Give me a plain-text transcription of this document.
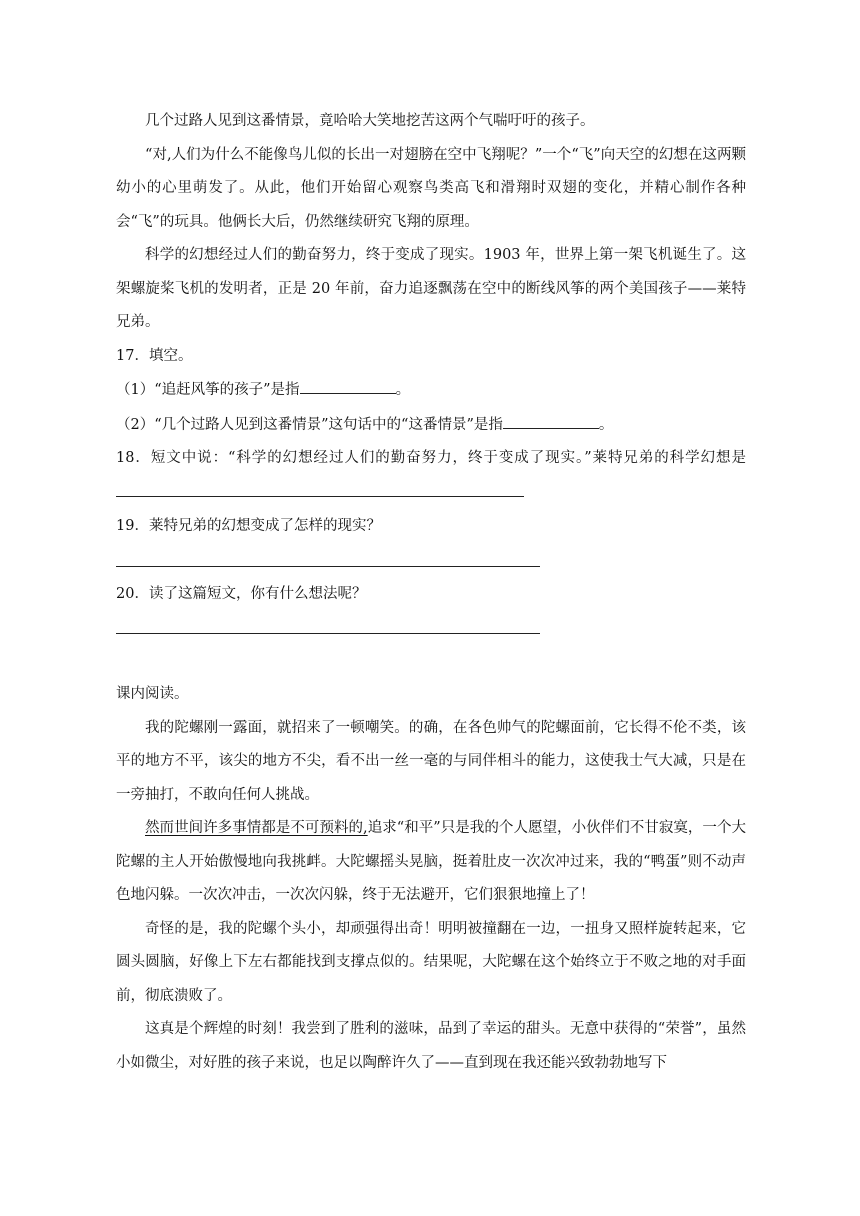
几个过路人见到这番情景，竟哈哈大笑地挖苦这两个气喘吁吁的孩子。

“对,人们为什么不能像鸟儿似的长出一对翅膀在空中飞翔呢？”一个“飞”向天空的幻想在这两颗幼小的心里萌发了。从此，他们开始留心观察鸟类高飞和滑翔时双翅的变化，并精心制作各种会“飞”的玩具。他俩长大后，仍然继续研究飞翔的原理。

科学的幻想经过人们的勤奋努力，终于变成了现实。1903 年，世界上第一架飞机诞生了。这架螺旋桨飞机的发明者，正是 20 年前，奋力追逐飘荡在空中的断线风筝的两个美国孩子——莱特兄弟。

17．填空。

（1）“追赶风筝的孩子”是指	。

（2）“几个过路人见到这番情景”这句话中的“这番情景”是指	。

18．短文中说：“科学的幻想经过人们的勤奋努力，终于变成了现实。”莱特兄弟的科学幻想是

19．莱特兄弟的幻想变成了怎样的现实？

20．读了这篇短文，你有什么想法呢？

课内阅读。

我的陀螺刚一露面，就招来了一顿嘲笑。的确，在各色帅气的陀螺面前，它长得不伦不类，该平的地方不平，该尖的地方不尖，看不出一丝一毫的与同伴相斗的能力，这使我士气大减，只是在一旁抽打，不敢向任何人挑战。

然而世间许多事情都是不可预料的,追求“和平”只是我的个人愿望，小伙伴们不甘寂寞，一个大陀螺的主人开始傲慢地向我挑衅。大陀螺摇头晃脑，挺着肚皮一次次冲过来，我的“鸭蛋”则不动声色地闪躲。一次次冲击，一次次闪躲，终于无法避开，它们狠狠地撞上了！

奇怪的是，我的陀螺个头小，却顽强得出奇！明明被撞翻在一边，一扭身又照样旋转起来，它圆头圆脑，好像上下左右都能找到支撑点似的。结果呢，大陀螺在这个始终立于不败之地的对手面前，彻底溃败了。

这真是个辉煌的时刻！我尝到了胜利的滋味，品到了幸运的甜头。无意中获得的“荣誉”，虽然小如微尘，对好胜的孩子来说，也足以陶醉许久了——直到现在我还能兴致勃勃地写下
